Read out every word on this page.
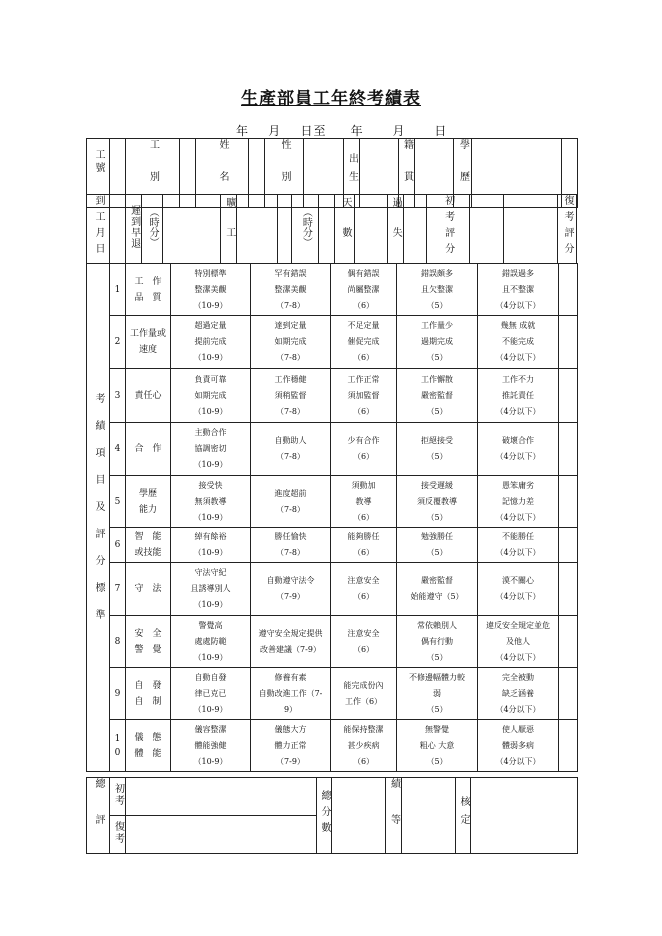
生產部員工年終考績表
年    月    日至     年      月      日
工號		工別		姓名		性別		出生		籍貫		學歷		
到工月日		遲到早退	（時分）		曠工			（時分）		天數		過失		初考評分			復考評分
考績項目及評分標準	1	工　作
品　質	特別標準
整潔美觀
（10-9）	罕有錯誤
整潔美觀
（7-8）	偶有錯誤
尚屬整潔
（6）	錯誤頗多
且欠整潔
（5）	錯誤過多
且不整潔
（4分以下）	

	2	工作量或
速度	超過定量
提前完成
（10-9）	達到定量
如期完成
（7-8）	不足定量
催促完成
（6）	工作量少
過期完成
（5）	幾無 成就
不能完成
（4分以下）	

	3	責任心	負責可靠
如期完成
（10-9）	工作穩健
須稍監督
（7-8）	工作正常
須加監督
（6）	工作懈散
嚴密監督
（5）	工作不力
推託責任
（4分以下）	

	4	合　作	主動合作
協調密切
（10-9）	自動助人
（7-8）	少有合作
（6）	拒絕接受
（5）	破壞合作
（4分以下）	

	5	學歷
能力	接受快
無須教導
（10-9）	進度超前
（7-8）	須動加
教導
（6）	接受遲緩
須反覆教導
（5）	愚笨庸劣
記憶力差
（4分以下）	

	6	智　能
或技能	綽有餘裕
（10-9）	勝任愉快
（7-8）	能夠勝任
（6）	勉強勝任
（5）	不能勝任
（4分以下）	

	7	守　法	守法守紀
且誘導別人
（10-9）	自動遵守法令
（7-9）	注意安全
（6）	嚴密監督
始能遵守（5）	漠不關心
（4分以下）	

	8	安　全
警　覺	警覺高
處處防範
（10-9）	遵守安全規定提供
改善建議（7-9）	注意安全
（6）	常依賴別人
偶有行動
（5）	違反安全規定並危
及他人
（4分以下）	

	9	自　發
自　制	自動自發
律已克已
（10-9）	修養有素
自動改進工作（7-
9）	能完成份內
工作（6）	不修邊幅體力較
弱
（5）	完全被動
缺乏涵養
（4分以下）	

	10	儀　態
體　能	儀容整潔
體能強健
（10-9）	儀態大方
體力正常
（7-9）	能保持整潔
甚少疾病
（6）	無警覺
粗心 大意
（5）	使人厭惡
體弱多病
（4分以下）	

總評	初考		總分數		績等		核定	
	復考							
